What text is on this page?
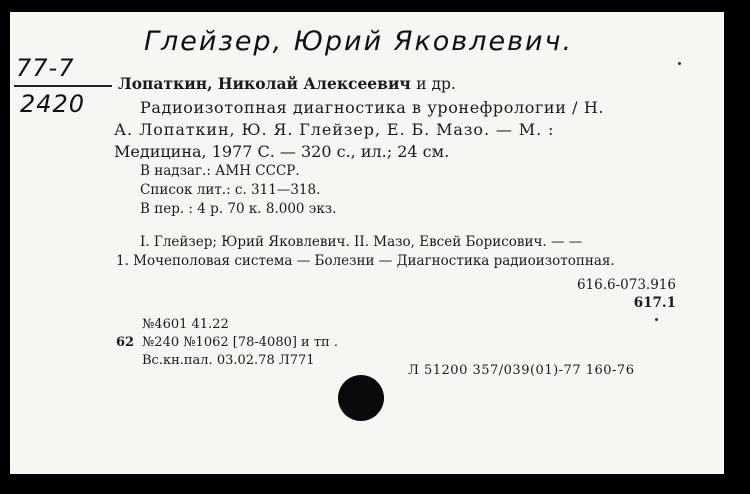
Глейзер, Юрий Яковлевич.
77-7
2420
Лопаткин, Николай Алексеевич и др.
Радиоизотопная диагностика в уронефрологии / Н.
А. Лопаткин, Ю. Я. Глейзер, Е. Б. Мазо. — М. :
Медицина, 1977 С. — 320 с., ил.; 24 см.
В надзаг.: АМН СССР.
Список лит.: с. 311—318.
В пер. : 4 р. 70 к. 8.000 экз.
I. Глейзер; Юрий Яковлевич. II. Мазо, Евсей Борисович. — —
1. Мочеполовая система — Болезни — Диагностика радиоизотопная.
616.6-073.916
617.1
№4601 41.22
62 №240 №1062 [78-4080] и тп .
Вс.кн.пал. 03.02.78 Л771
Л 51200 357/039(01)-77 160-76
